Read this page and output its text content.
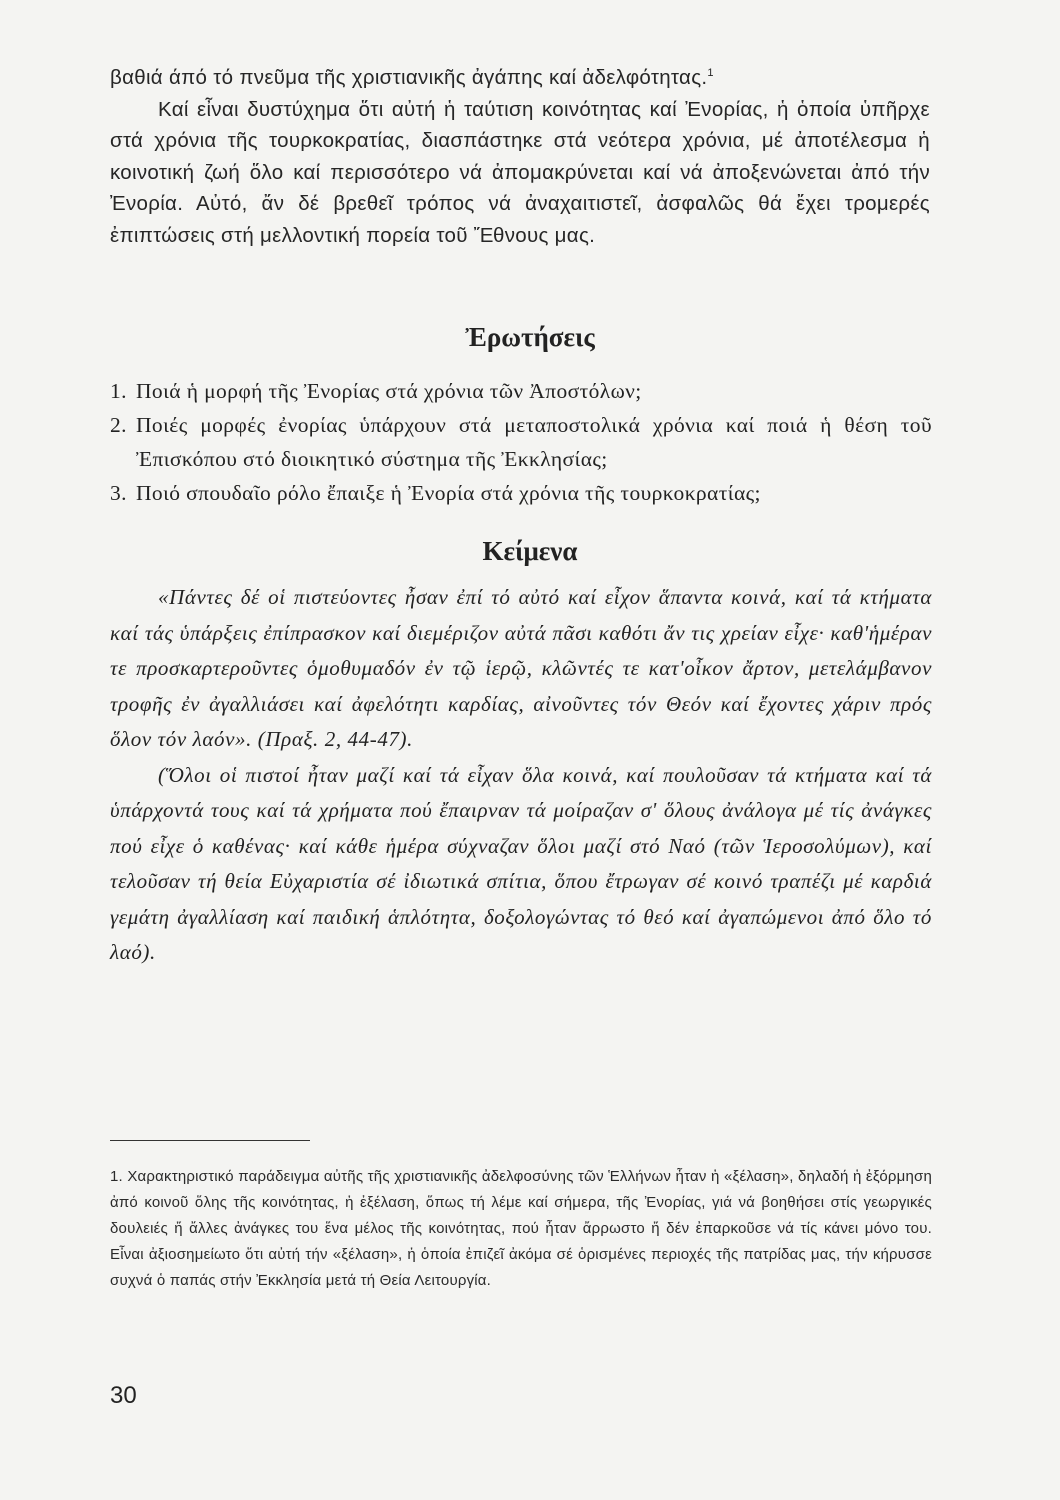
βαθιά άπό τό πνεῦμα τῆς χριστιανικῆς ἀγάπης καί ἀδελφότητας.$^1$

Καί εἶναι δυστύχημα ὅτι αὐτή ἡ ταύτιση κοινότητας καί Ἐνορίας, ἡ ὁποία ὑπῆρχε στά χρόνια τῆς τουρκοκρατίας, διασπάστηκε στά νεότερα χρόνια, μέ ἀποτέλεσμα ἡ κοινοτική ζωή ὅλο καί περισσότερο νά ἀπομακρύνεται καί νά ἀποξενώνεται ἀπό τήν Ἐνορία. Αὐτό, ἄν δέ βρεθεῖ τρόπος νά ἀναχαιτιστεῖ, ἀσφαλῶς θά ἔχει τρομερές ἐπιπτώσεις στή μελλοντική πορεία τοῦ Ἔθνους μας.

Ἐρωτήσεις
1. Ποιά ἡ μορφή τῆς Ἐνορίας στά χρόνια τῶν Ἀποστόλων;
2. Ποιές μορφές ἐνορίας ὑπάρχουν στά μεταποστολικά χρόνια καί ποιά ἡ θέση τοῦ Ἐπισκόπου στό διοικητικό σύστημα τῆς Ἐκκλησίας;
3. Ποιό σπουδαῖο ρόλο ἔπαιξε ἡ Ἐνορία στά χρόνια τῆς τουρκοκρατίας;
Κείμενα

«Πάντες δέ οἱ πιστεύοντες ἦσαν ἐπί τό αὐτό καί εἶχον ἅπαντα κοινά, καί τά κτήματα καί τάς ὑπάρξεις ἐπίπρασκον καί διεμέριζον αὐτά πᾶσι καθότι ἄν τις χρείαν εἶχε· καθ'ἡμέραν τε προσκαρτεροῦντες ὁμοθυμαδόν ἐν τῷ ἱερῷ, κλῶντές τε κατ'οἶκον ἄρτον, μετελάμβανον τροφῆς ἐν ἀγαλλιάσει καί ἀφελότητι καρδίας, αἰνοῦντες τόν Θεόν καί ἔχοντες χάριν πρός ὅλον τόν λαόν». (Πραξ. 2, 44-47).

(Ὅλοι οἱ πιστοί ἦταν μαζί καί τά εἶχαν ὅλα κοινά, καί πουλοῦσαν τά κτήματα καί τά ὑπάρχοντά τους καί τά χρήματα πού ἔπαιρναν τά μοίραζαν σ' ὅλους ἀνάλογα μέ τίς ἀνάγκες πού εἶχε ὁ καθένας· καί κάθε ἡμέρα σύχναζαν ὅλοι μαζί στό Ναό (τῶν Ἱεροσολύμων), καί τελοῦσαν τή θεία Εὐχαριστία σέ ἰδιωτικά σπίτια, ὅπου ἔτρωγαν σέ κοινό τραπέζι μέ καρδιά γεμάτη ἀγαλλίαση καί παιδική ἁπλότητα, δοξολογώντας τό θεό καί ἀγαπώμενοι ἀπό ὅλο τό λαό).

1. Χαρακτηριστικό παράδειγμα αὐτῆς τῆς χριστιανικῆς ἀδελφοσύνης τῶν Ἑλλήνων ἦταν ἡ «ξέλαση», δηλαδή ἡ ἐξόρμηση ἀπό κοινοῦ ὅλης τῆς κοινότητας, ἡ ἐξέλαση, ὅπως τή λέμε καί σήμερα, τῆς Ἐνορίας, γιά νά βοηθήσει στίς γεωργικές δουλειές ἤ ἄλλες ἀνάγκες του ἕνα μέλος τῆς κοινότητας, πού ἦταν ἄρρωστο ἤ δέν ἐπαρκοῦσε νά τίς κάνει μόνο του. Εἶναι ἀξιοσημείωτο ὅτι αὐτή τήν «ξέλαση», ἡ ὁποία ἐπιζεῖ ἀκόμα σέ ὁρισμένες περιοχές τῆς πατρίδας μας, τήν κήρυσσε συχνά ὁ παπάς στήν Ἐκκλησία μετά τή Θεία Λειτουργία.
30
